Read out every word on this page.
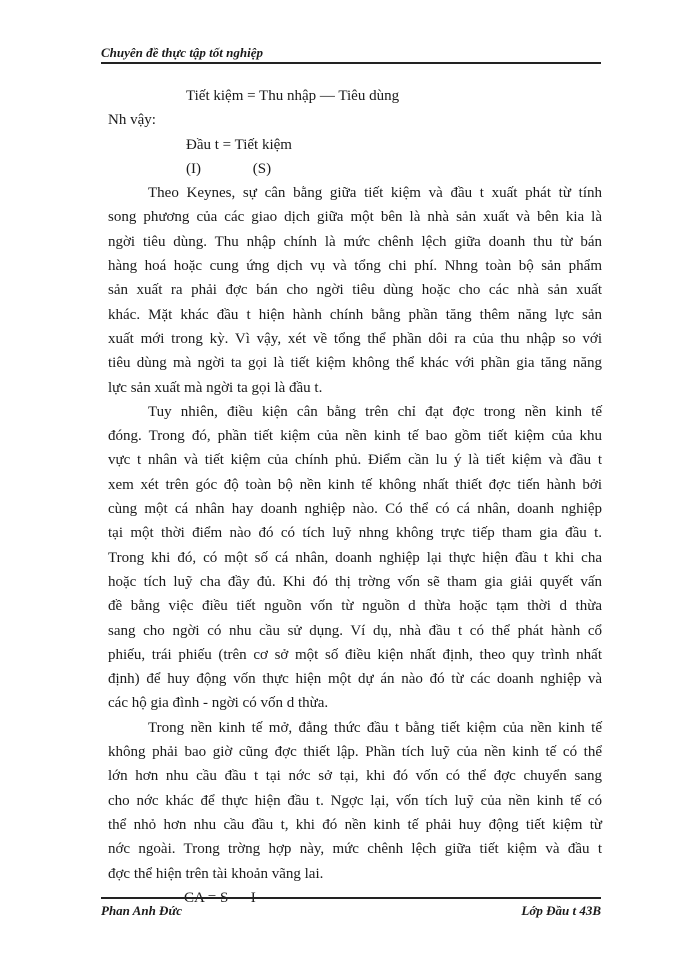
Chuyên đề thực tập tốt nghiệp
Tiết kiệm = Thu nhập — Tiêu dùng
Nh vậy:
Đầu t = Tiết kiệm
(I) (S)
Theo Keynes, sự cân bằng giữa tiết kiệm và đầu t xuất phát từ tính
song phương của các giao dịch giữa một bên là nhà sản xuất và bên kia là
ngời tiêu dùng. Thu nhập chính là mức chênh lệch giữa doanh thu từ bán
hàng hoá hoặc cung ứng dịch vụ và tổng chi phí. Nhng toàn bộ sản phẩm
sản xuất ra phải đợc bán cho ngời tiêu dùng hoặc cho các nhà sản xuất
khác. Mặt khác đầu t hiện hành chính bằng phần tăng thêm năng lực sản
xuất mới trong kỳ. Vì vậy, xét về tổng thể phần dôi ra của thu nhập so với
tiêu dùng mà ngời ta gọi là tiết kiệm không thể khác với phần gia tăng năng
lực sản xuất mà ngời ta gọi là đầu t.
Tuy nhiên, điều kiện cân bằng trên chỉ đạt đợc trong nền kinh tế
đóng. Trong đó, phần tiết kiệm của nền kinh tế bao gồm tiết kiệm của khu
vực t nhân và tiết kiệm của chính phủ. Điểm cần lu ý là tiết kiệm và đầu t
xem xét trên góc độ toàn bộ nền kinh tế không nhất thiết đợc tiến hành bởi
cùng một cá nhân hay doanh nghiệp nào. Có thể có cá nhân, doanh nghiệp
tại một thời điểm nào đó có tích luỹ nhng không trực tiếp tham gia đầu t.
Trong khi đó, có một số cá nhân, doanh nghiệp lại thực hiện đầu t khi cha
hoặc tích luỹ cha đầy đủ. Khi đó thị trờng vốn sẽ tham gia giải quyết vấn
đề bằng việc điều tiết nguồn vốn từ nguồn d thừa hoặc tạm thời d thừa
sang cho ngời có nhu cầu sử dụng. Ví dụ, nhà đầu t có thể phát hành cổ
phiếu, trái phiếu (trên cơ sở một số điều kiện nhất định, theo quy trình nhất
định) để huy động vốn thực hiện một dự án nào đó từ các doanh nghiệp và
các hộ gia đình - ngời có vốn d thừa.
Trong nền kinh tế mở, đẳng thức đầu t bằng tiết kiệm của nền kinh tế
không phải bao giờ cũng đợc thiết lập. Phần tích luỹ của nền kinh tế có thể
lớn hơn nhu cầu đầu t tại nớc sở tại, khi đó vốn có thể đợc chuyển sang
cho nớc khác để thực hiện đầu t. Ngợc lại, vốn tích luỹ của nền kinh tế có
thể nhỏ hơn nhu cầu đầu t, khi đó nền kinh tế phải huy động tiết kiệm từ
nớc ngoài. Trong trờng hợp này, mức chênh lệch giữa tiết kiệm và đầu t
đợc thể hiện trên tài khoản vãng lai.
CA = S — I
Phan Anh Đức	Lớp Đầu t 43B
